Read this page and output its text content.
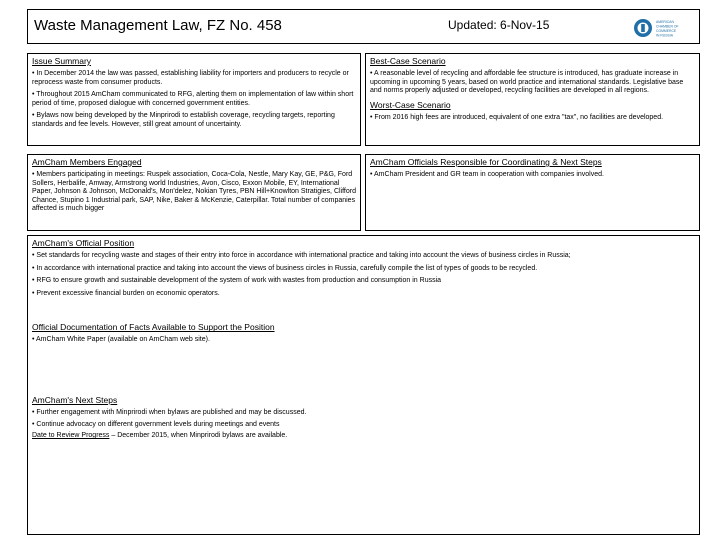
Waste Management Law, FZ No. 458	Updated: 6-Nov-15	AMERICAN
CHAMBER OF
COMMERCE
IN RUSSIA
Issue Summary
• In December 2014 the law was passed, establishing liability for importers and producers to recycle or reprocess waste from consumer products.
• Throughout 2015 AmCham communicated to RFG, alerting them on implementation of law within short period of time, proposed dialogue with concerned government entities.
• Bylaws now being developed by the Minprirodi to establish coverage, recycling targets, reporting standards and fee levels. However, still great amount of uncertainty.
Best-Case Scenario
• A reasonable level of recycling and affordable fee structure is introduced, has graduate increase in upcoming in upcoming 5 years, based on world practice and international standards. Legislative base and norms properly adjusted or developed, recycling facilities are developed in all regions.
Worst-Case Scenario
• From 2016 high fees are introduced, equivalent of one extra "tax", no facilities are developed.
AmCham Members Engaged
• Members participating in meetings: Ruspek association, Coca-Cola, Nestle, Mary Kay, GE, P&G, Ford Sollers, Herbalife, Amway, Armstrong world Industries, Avon, Cisco, Exxon Mobile, EY, International Paper, Johnson & Johnson, McDonald's, Mon'delez, Nokian Tyres, PBN Hill+Knowlton Stratigies, Clifford Chance, Stupino 1 Industrial park, SAP, Nike, Baker & McKenzie, Caterpillar. Total number of companies affected is much bigger
AmCham Officials Responsible for Coordinating & Next Steps
• AmCham President and GR team in cooperation with companies involved.
AmCham's Official Position
• Set standards for recycling waste and stages of their entry into force in accordance with international practice and taking into account the views of business circles in Russia;
• In accordance with international practice and taking into account the views of business circles in Russia, carefully compile the list of types of goods to be recycled.
• RFG to ensure growth and sustainable development of the system of work with wastes from production and consumption in Russia
• Prevent excessive financial burden on economic operators.
Official Documentation of Facts Available to Support the Position
• AmCham White Paper (available on AmCham web site).
AmCham's Next Steps
• Further engagement with Minprirodi when bylaws are published and may be discussed.
• Continue advocacy on different government levels during meetings and events
Date to Review Progress – December 2015, when Minprirodi bylaws are available.
